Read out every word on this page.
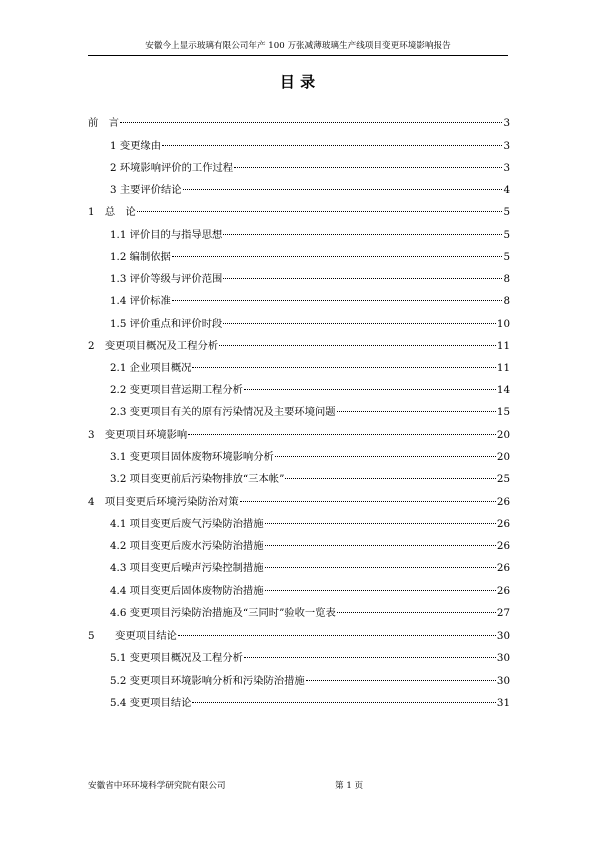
安徽今上显示玻璃有限公司年产 100 万张减薄玻璃生产线项目变更环境影响报告
目 录
前　言	3
1 变更缘由	3
2 环境影响评价的工作过程	3
3 主要评价结论	4
1　总　论	5
1.1 评价目的与指导思想	5
1.2 编制依据	5
1.3 评价等级与评价范围	8
1.4 评价标准	8
1.5 评价重点和评价时段	10
2　变更项目概况及工程分析	11
2.1 企业项目概况	11
2.2 变更项目营运期工程分析	14
2.3 变更项目有关的原有污染情况及主要环境问题	15
3　变更项目环境影响	20
3.1 变更项目固体废物环境影响分析	20
3.2 项目变更前后污染物排放“三本帐”	25
4　项目变更后环境污染防治对策	26
4.1 项目变更后废气污染防治措施	26
4.2 项目变更后废水污染防治措施	26
4.3 项目变更后噪声污染控制措施	26
4.4 项目变更后固体废物防治措施	26
4.6 变更项目污染防治措施及“三同时”验收一览表	27
5　　变更项目结论	30
5.1 变更项目概况及工程分析	30
5.2 变更项目环境影响分析和污染防治措施	30
5.4 变更项目结论	31
安徽省中环环境科学研究院有限公司	第 1 页
